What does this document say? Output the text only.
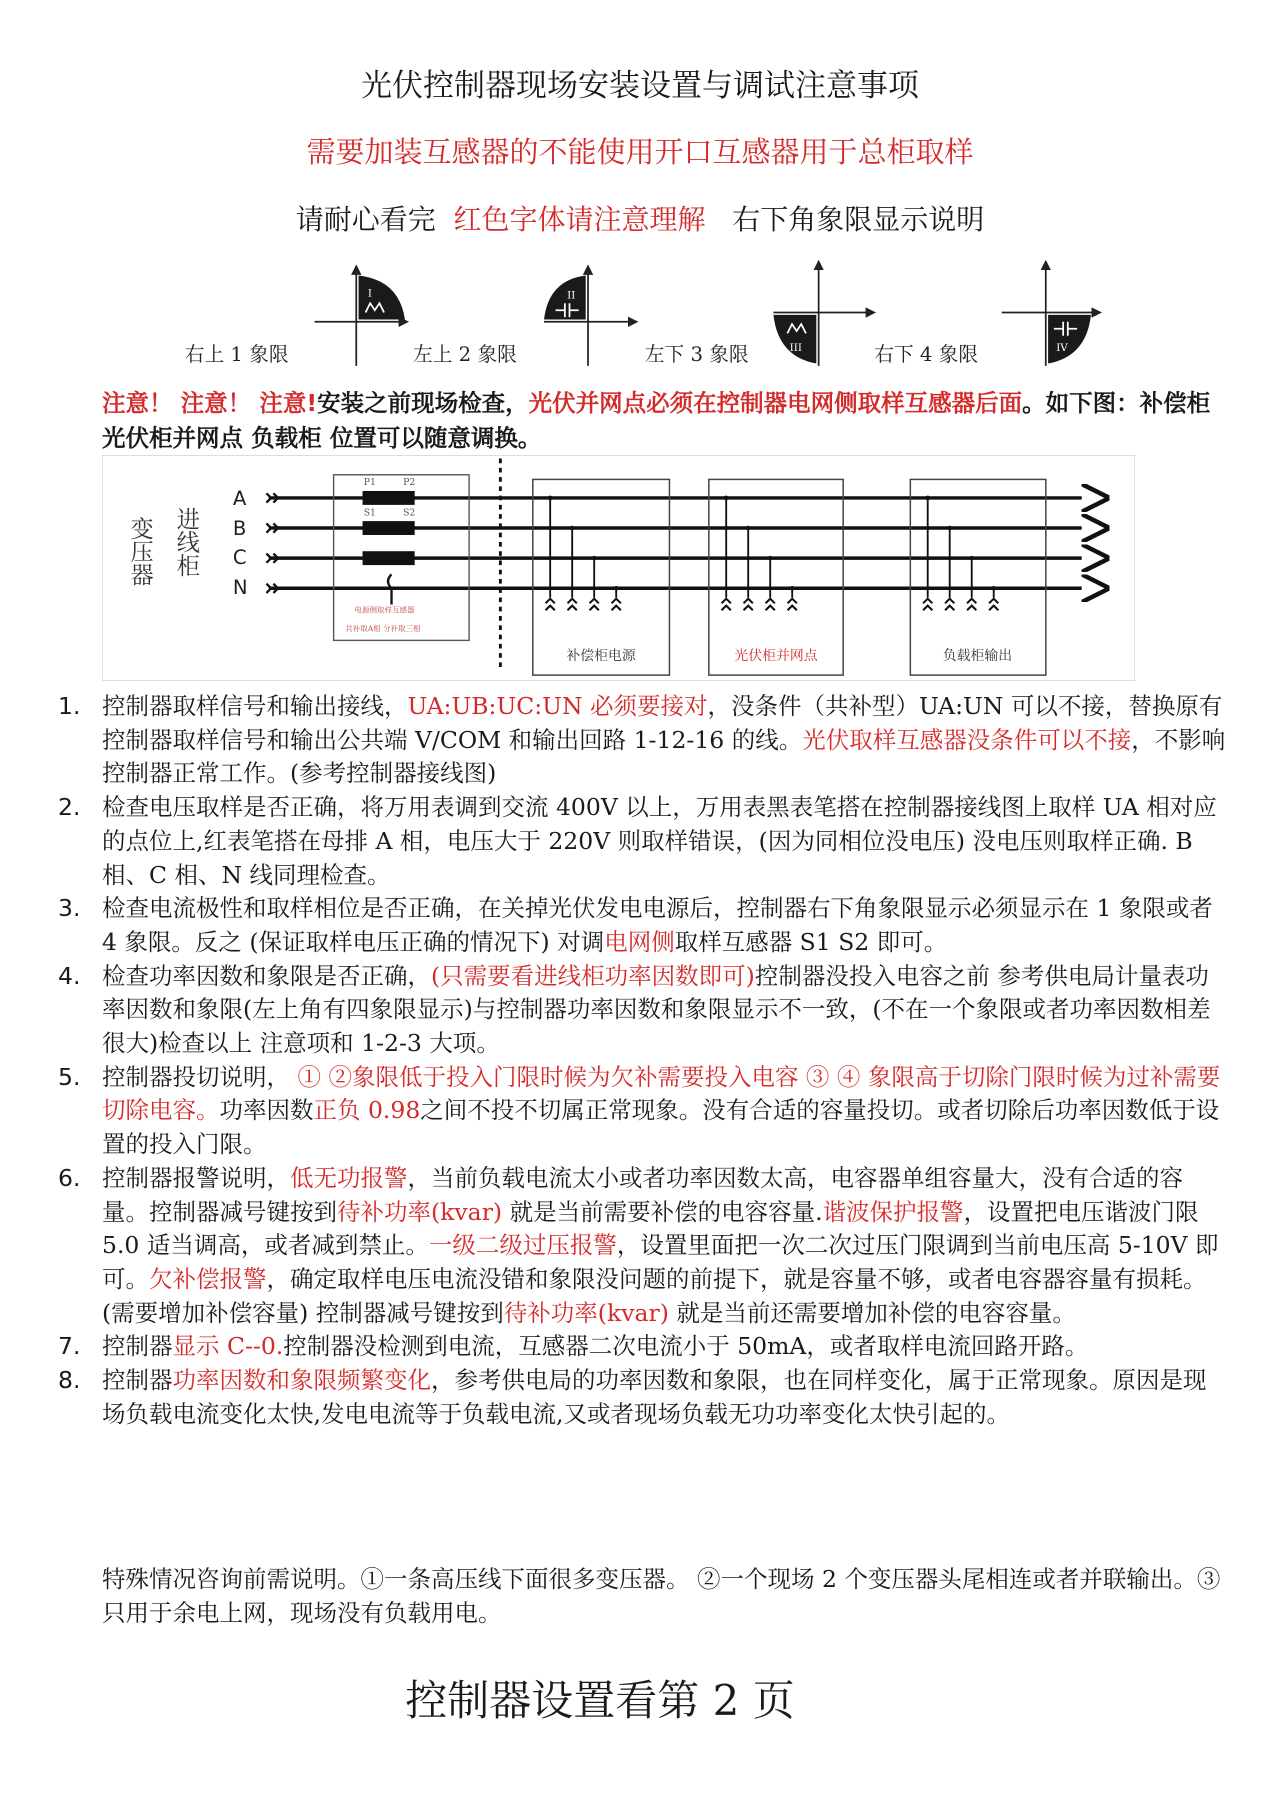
光伏控制器现场安装设置与调试注意事项
需要加装互感器的不能使用开口互感器用于总柜取样
请耐心看完  红色字体请注意理解   右下角象限显示说明
I	II
III	IV
右上 1 象限	左上 2 象限	左下 3 象限	右下 4 象限
注意！ 注意！ 注意!安装之前现场检查，光伏并网点必须在控制器电网侧取样互感器后面。如下图：补偿柜 光伏柜并网点 负载柜 位置可以随意调换。
变压器 进线柜
A
B
C
N
P1	P2
S1	S2
电源侧取样互感器
共补取A相 分补取三相
补偿柜电源	光伏柜并网点	负载柜输出
1. 控制器取样信号和输出接线，UA:UB:UC:UN 必须要接对，没条件（共补型）UA:UN 可以不接，替换原有控制器取样信号和输出公共端 V/COM 和输出回路 1-12-16 的线。光伏取样互感器没条件可以不接，不影响控制器正常工作。(参考控制器接线图)
2. 检查电压取样是否正确，将万用表调到交流 400V 以上，万用表黑表笔搭在控制器接线图上取样 UA 相对应的点位上,红表笔搭在母排 A 相，电压大于 220V 则取样错误，(因为同相位没电压) 没电压则取样正确. B 相、C 相、N 线同理检查。
3. 检查电流极性和取样相位是否正确，在关掉光伏发电电源后，控制器右下角象限显示必须显示在 1 象限或者 4 象限。反之 (保证取样电压正确的情况下) 对调电网侧取样互感器 S1 S2 即可。
4. 检查功率因数和象限是否正确，(只需要看进线柜功率因数即可)控制器没投入电容之前 参考供电局计量表功率因数和象限(左上角有四象限显示)与控制器功率因数和象限显示不一致，(不在一个象限或者功率因数相差很大)检查以上 注意项和 1-2-3 大项。
5. 控制器投切说明， ① ②象限低于投入门限时候为欠补需要投入电容 ③ ④ 象限高于切除门限时候为过补需要切除电容。功率因数正负 0.98之间不投不切属正常现象。没有合适的容量投切。或者切除后功率因数低于设置的投入门限。
6. 控制器报警说明，低无功报警，当前负载电流太小或者功率因数太高，电容器单组容量大，没有合适的容量。控制器减号键按到待补功率(kvar) 就是当前需要补偿的电容容量.谐波保护报警，设置把电压谐波门限 5.0 适当调高，或者减到禁止。一级二级过压报警，设置里面把一次二次过压门限调到当前电压高 5-10V 即可。欠补偿报警，确定取样电压电流没错和象限没问题的前提下，就是容量不够，或者电容器容量有损耗。(需要增加补偿容量) 控制器减号键按到待补功率(kvar) 就是当前还需要增加补偿的电容容量。
7. 控制器显示 C--0.控制器没检测到电流，互感器二次电流小于 50mA，或者取样电流回路开路。
8. 控制器功率因数和象限频繁变化，参考供电局的功率因数和象限，也在同样变化，属于正常现象。原因是现场负载电流变化太快,发电电流等于负载电流,又或者现场负载无功功率变化太快引起的。
特殊情况咨询前需说明。①一条高压线下面很多变压器。 ②一个现场 2 个变压器头尾相连或者并联输出。③只用于余电上网，现场没有负载用电。
控制器设置看第 2 页
